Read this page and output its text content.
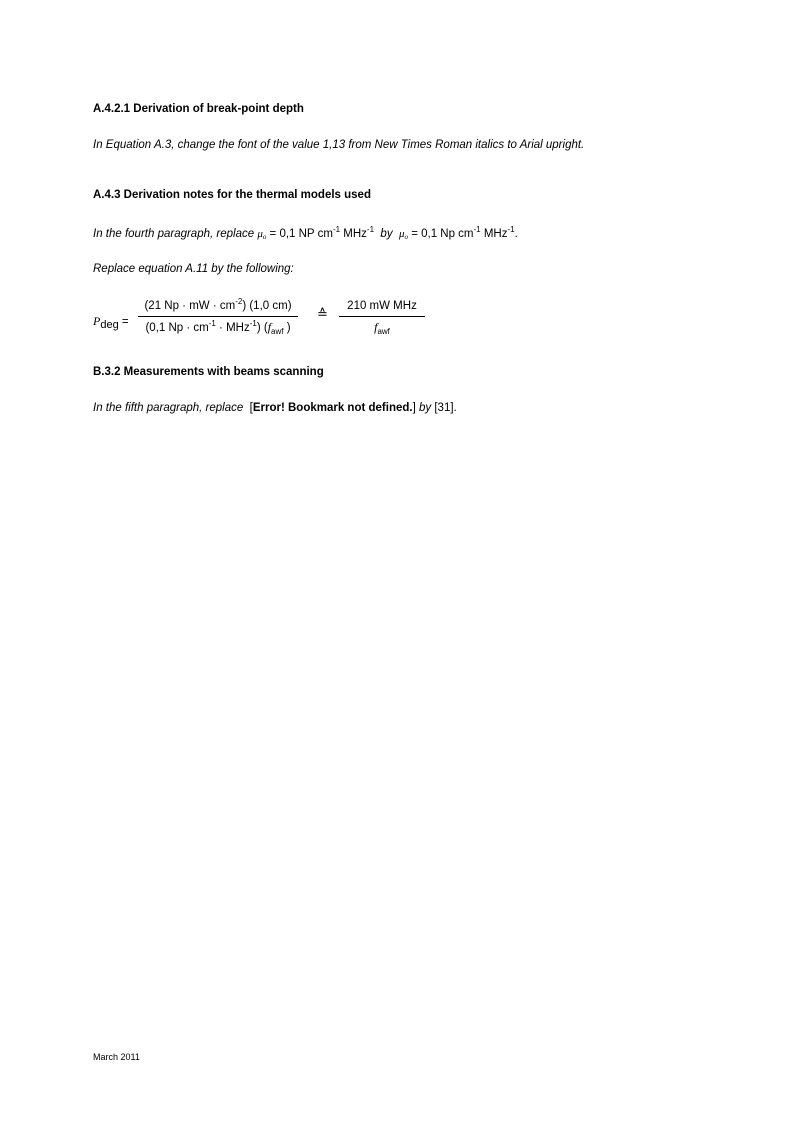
A.4.2.1 Derivation of break-point depth

In Equation A.3, change the font of the value 1,13 from New Times Roman italics to Arial upright.

A.4.3 Derivation notes for the thermal models used

In the fourth paragraph, replace $\mu_o = 0,1$ NP $cm^{-1}$ MHz$^{-1}$ by $\mu_o = 0,1$ Np $cm^{-1}$ MHz$^{-1}$.

Replace equation A.11 by the following:

$P_{deg}$ =
(21 Np · mW · $cm^{-2}$) (1,0 cm)
(0,1 $Np \cdot cm^{-1} \cdot MHz^{-1}$) ($f_{awf}$ )
≙	210 mW MHz
$f_{awf}$

B.3.2 Measurements with beams scanning

In the fifth paragraph, replace [Error! Bookmark not defined.] by [31].

March 2011
